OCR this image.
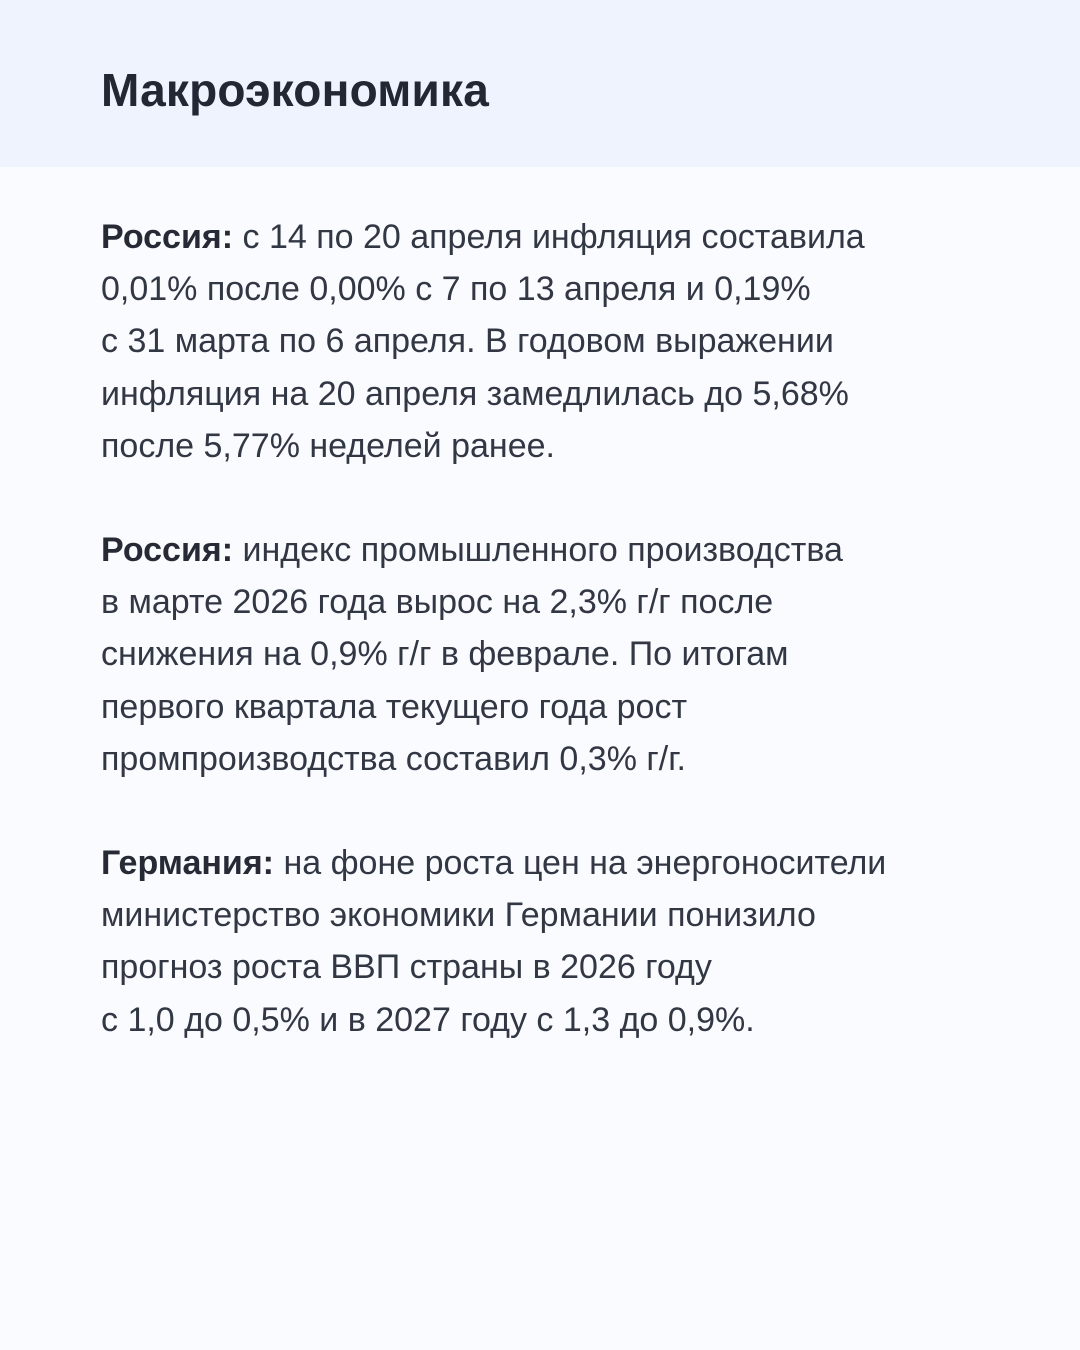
Макроэкономика

Россия: с 14 по 20 апреля инфляция составила
0,01% после 0,00% с 7 по 13 апреля и 0,19%
с 31 марта по 6 апреля. В годовом выражении
инфляция на 20 апреля замедлилась до 5,68%
после 5,77% неделей ранее.

Россия: индекс промышленного производства
в марте 2026 года вырос на 2,3% г/г после
снижения на 0,9% г/г в феврале. По итогам
первого квартала текущего года рост
промпроизводства составил 0,3% г/г.

Германия: на фоне роста цен на энергоносители
министерство экономики Германии понизило
прогноз роста ВВП страны в 2026 году
с 1,0 до 0,5% и в 2027 году с 1,3 до 0,9%.
